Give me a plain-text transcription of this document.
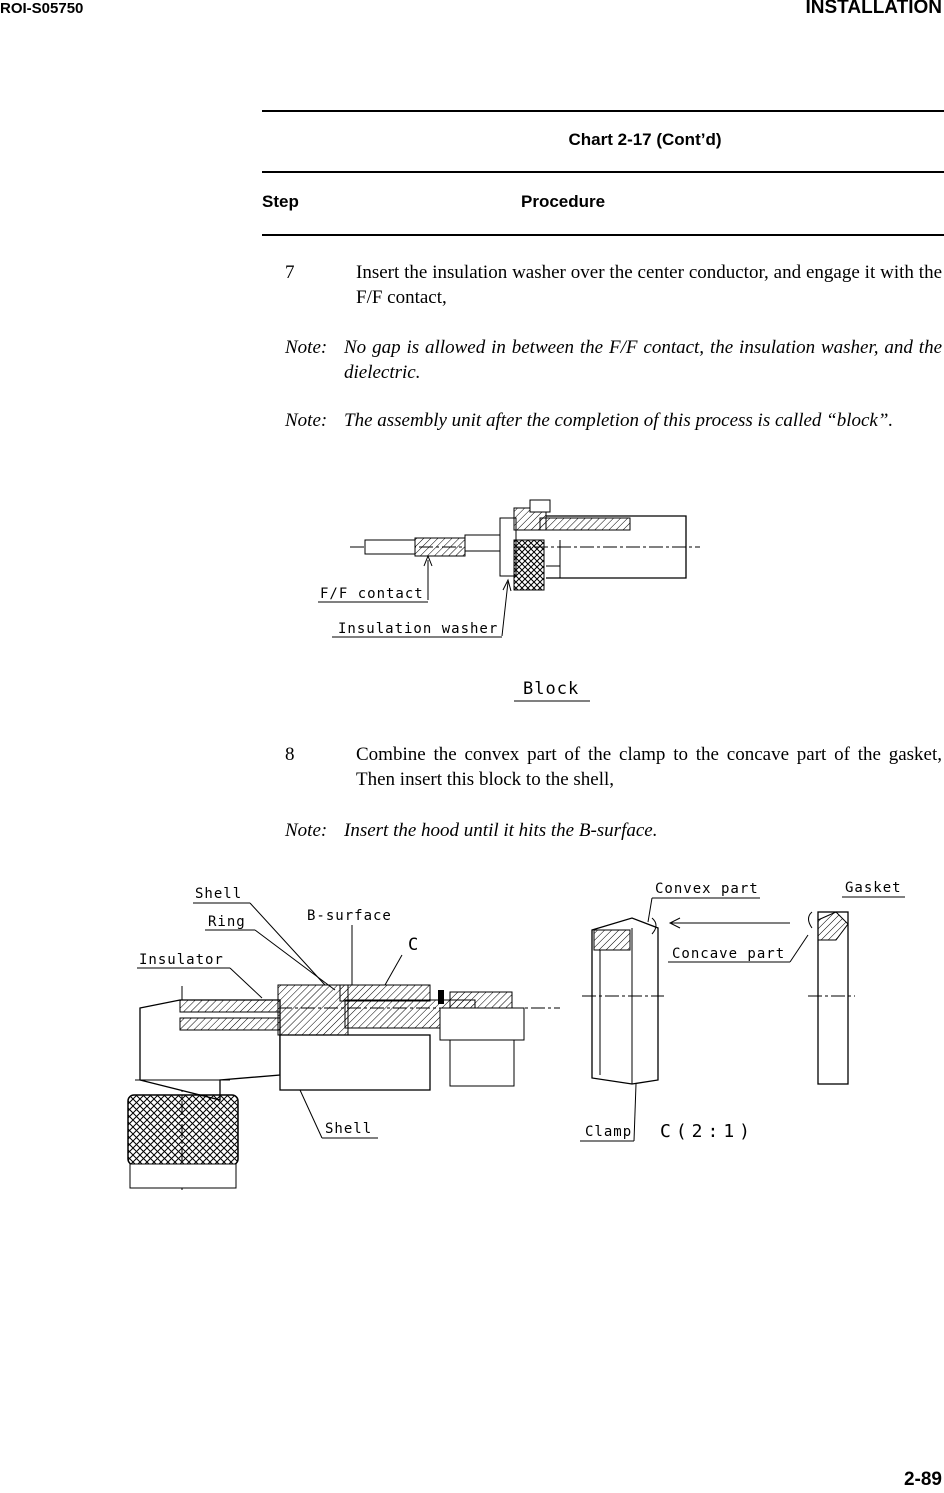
ROI-S05750	INSTALLATION
Chart 2-17 (Cont’d)
Step	Procedure
7	Insert the insulation washer over the center conductor, and engage it with the F/F contact,
Note: No gap is allowed in between the F/F contact, the insulation washer, and the dielectric.
Note: The assembly unit after the completion of this process is called “block”.
F/F contact
Insulation washer
Block
8	Combine the convex part of the clamp to the concave part of the gasket, Then insert this block to the shell,
Note: Insert the hood until it hits the B-surface.
Shell
Ring	B-surface
C
Insulator
Shell
Convex part	Gasket
Concave part
Clamp C(2:1)
2-89
